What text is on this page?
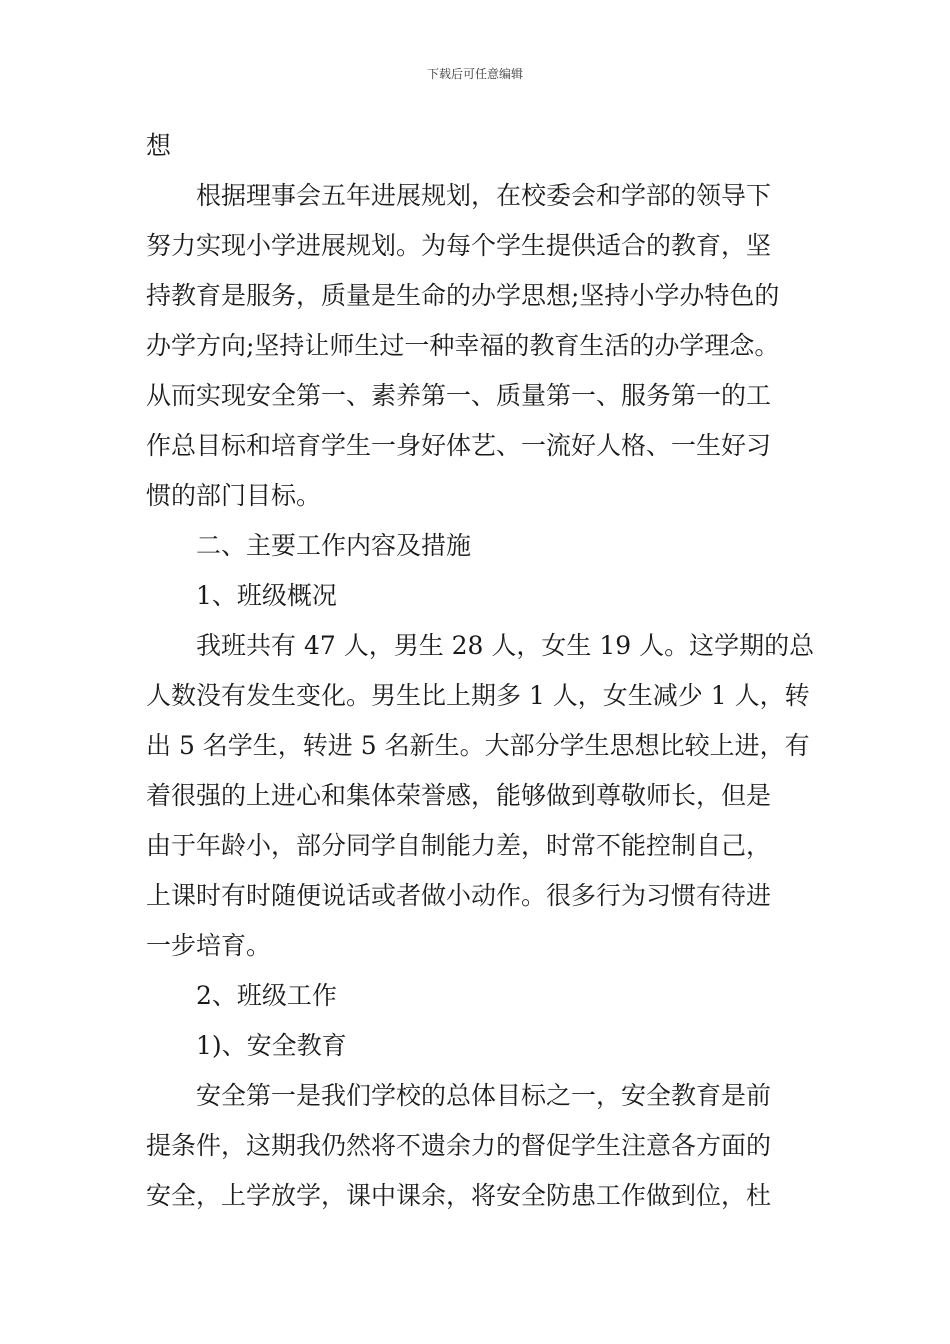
下载后可任意编辑
想
根据理事会五年进展规划，在校委会和学部的领导下
努力实现小学进展规划。为每个学生提供适合的教育，坚
持教育是服务，质量是生命的办学思想;坚持小学办特色的
办学方向;坚持让师生过一种幸福的教育生活的办学理念。
从而实现安全第一、素养第一、质量第一、服务第一的工
作总目标和培育学生一身好体艺、一流好人格、一生好习
惯的部门目标。
二、主要工作内容及措施
1、班级概况
我班共有 47 人，男生 28 人，女生 19 人。这学期的总
人数没有发生变化。男生比上期多 1 人，女生减少 1 人，转
出 5 名学生，转进 5 名新生。大部分学生思想比较上进，有
着很强的上进心和集体荣誉感，能够做到尊敬师长，但是
由于年龄小，部分同学自制能力差，时常不能控制自己，
上课时有时随便说话或者做小动作。很多行为习惯有待进
一步培育。
2、班级工作
1)、安全教育
安全第一是我们学校的总体目标之一，安全教育是前
提条件，这期我仍然将不遗余力的督促学生注意各方面的
安全，上学放学，课中课余，将安全防患工作做到位，杜
